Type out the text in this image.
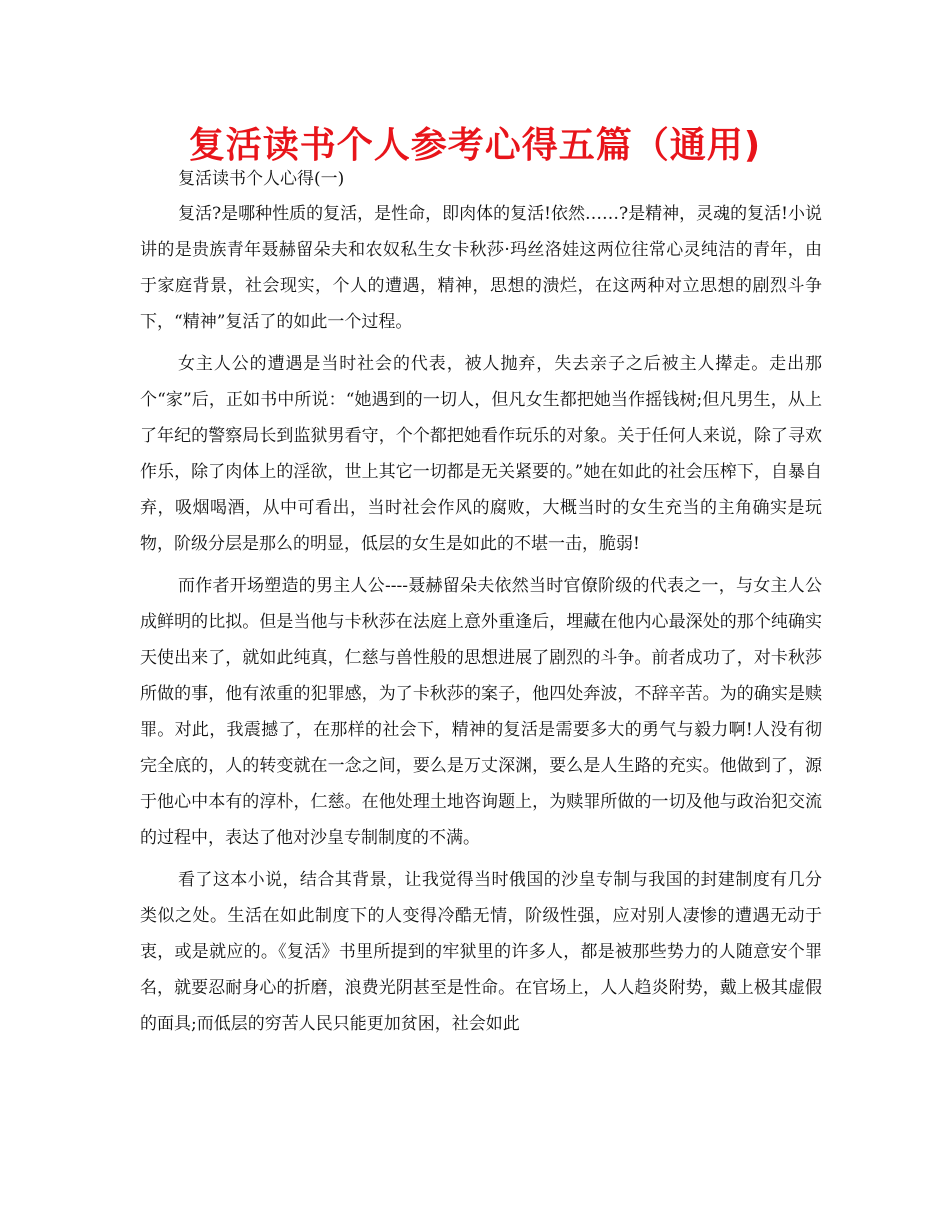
复活读书个人参考心得五篇（通用)
复活读书个人心得(一)

复活?是哪种性质的复活，是性命，即肉体的复活!依然……?是精神，灵魂的复活!小说讲的是贵族青年聂赫留朵夫和农奴私生女卡秋莎·玛丝洛娃这两位往常心灵纯洁的青年，由于家庭背景，社会现实，个人的遭遇，精神，思想的溃烂，在这两种对立思想的剧烈斗争下，“精神”复活了的如此一个过程。

女主人公的遭遇是当时社会的代表，被人抛弃，失去亲子之后被主人撵走。走出那个“家”后，正如书中所说：“她遇到的一切人，但凡女生都把她当作摇钱树;但凡男生，从上了年纪的警察局长到监狱男看守，个个都把她看作玩乐的对象。关于任何人来说，除了寻欢作乐，除了肉体上的淫欲，世上其它一切都是无关紧要的。”她在如此的社会压榨下，自暴自弃，吸烟喝酒，从中可看出，当时社会作风的腐败，大概当时的女生充当的主角确实是玩物，阶级分层是那么的明显，低层的女生是如此的不堪一击，脆弱!

而作者开场塑造的男主人公----聂赫留朵夫依然当时官僚阶级的代表之一，与女主人公成鲜明的比拟。但是当他与卡秋莎在法庭上意外重逢后，埋藏在他内心最深处的那个纯确实天使出来了，就如此纯真，仁慈与兽性般的思想进展了剧烈的斗争。前者成功了，对卡秋莎所做的事，他有浓重的犯罪感，为了卡秋莎的案子，他四处奔波，不辞辛苦。为的确实是赎罪。对此，我震撼了，在那样的社会下，精神的复活是需要多大的勇气与毅力啊!人没有彻完全底的，人的转变就在一念之间，要么是万丈深渊，要么是人生路的充实。他做到了，源于他心中本有的淳朴，仁慈。在他处理土地咨询题上，为赎罪所做的一切及他与政治犯交流的过程中，表达了他对沙皇专制制度的不满。

看了这本小说，结合其背景，让我觉得当时俄国的沙皇专制与我国的封建制度有几分类似之处。生活在如此制度下的人变得冷酷无情，阶级性强，应对别人凄惨的遭遇无动于衷，或是就应的。《复活》书里所提到的牢狱里的许多人，都是被那些势力的人随意安个罪名，就要忍耐身心的折磨，浪费光阴甚至是性命。在官场上，人人趋炎附势，戴上极其虚假的面具;而低层的穷苦人民只能更加贫困，社会如此
